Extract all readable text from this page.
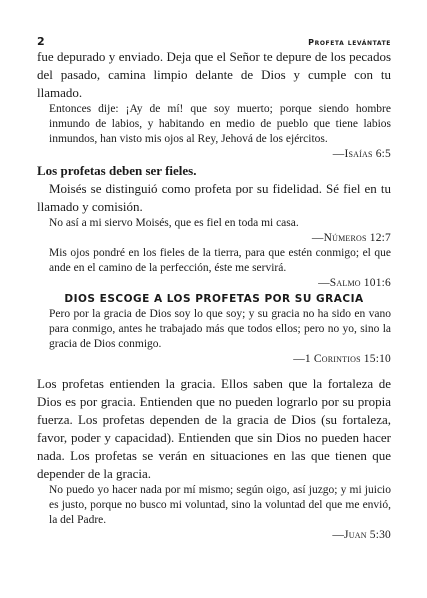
2	Profeta levántate

fue depurado y enviado. Deja que el Señor te depure de los pecados del pasado, camina limpio delante de Dios y cumple con tu llamado.

Entonces dije: ¡Ay de mí! que soy muerto; porque siendo hombre inmundo de labios, y habitando en medio de pueblo que tiene labios inmundos, han visto mis ojos al Rey, Jehová de los ejércitos.

—Isaías 6:5

Los profetas deben ser fieles.

Moisés se distinguió como profeta por su fidelidad. Sé fiel en tu llamado y comisión.

No así a mi siervo Moisés, que es fiel en toda mi casa.

—Números 12:7

Mis ojos pondré en los fieles de la tierra, para que estén conmigo; el que ande en el camino de la perfección, éste me servirá.

—Salmo 101:6

DIOS ESCOGE A LOS PROFETAS POR SU GRACIA

Pero por la gracia de Dios soy lo que soy; y su gracia no ha sido en vano para conmigo, antes he trabajado más que todos ellos; pero no yo, sino la gracia de Dios conmigo.

—1 Corintios 15:10

Los profetas entienden la gracia. Ellos saben que la fortaleza de Dios es por gracia. Entienden que no pueden lograrlo por su propia fuerza. Los profetas dependen de la gracia de Dios (su fortaleza, favor, poder y capacidad). Entienden que sin Dios no pueden hacer nada. Los profetas se verán en situaciones en las que tienen que depender de la gracia.

No puedo yo hacer nada por mí mismo; según oigo, así juzgo; y mi juicio es justo, porque no busco mi voluntad, sino la voluntad del que me envió, la del Padre.

—Juan 5:30
